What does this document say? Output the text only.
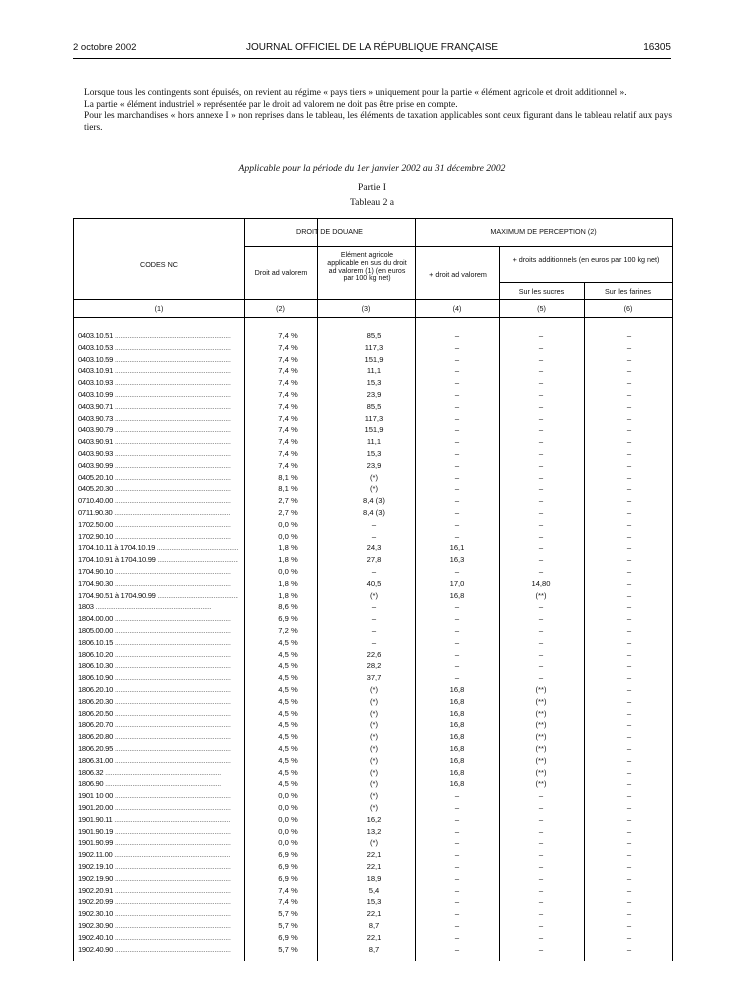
2 octobre 2002	JOURNAL OFFICIEL DE LA RÉPUBLIQUE FRANÇAISE	16305

Lorsque tous les contingents sont épuisés, on revient au régime « pays tiers » uniquement pour la partie « élément agricole et droit additionnel ».

La partie « élément industriel » représentée par le droit ad valorem ne doit pas être prise en compte.

Pour les marchandises « hors annexe I » non reprises dans le tableau, les éléments de taxation applicables sont ceux figurant dans le tableau relatif aux pays tiers.

Applicable pour la période du 1er janvier 2002 au 31 décembre 2002
Partie I
Tableau 2 a
CODES NC
DROIT DE DOUANE	MAXIMUM DE PERCEPTION (2)
Droit ad valorem
Elément agricole applicable en sus du droit ad valorem (1) (en euros par 100 kg net)	+ droit ad valorem
+ droits additionnels (en euros par 100 kg net)
Sur les sucres	Sur les farines
(1)	(2)	(3)	(4)	(5)	(6)
0403.10.51 .....	7,4 %	85,5	–	–	–
0403.10.53 .....	7,4 %	117,3	–	–	–
0403.10.59 .....	7,4 %	151,9	–	–	–
0403.10.91 .....	7,4 %	11,1	–	–	–
0403.10.93 .....	7,4 %	15,3	–	–	–
0403.10.99 .....	7,4 %	23,9	–	–	–
0403.90.71 .....	7,4 %	85,5	–	–	–
0403.90.73 .....	7,4 %	117,3	–	–	–
0403.90.79 .....	7,4 %	151,9	–	–	–
0403.90.91 .....	7,4 %	11,1	–	–	–
0403.90.93 .....	7,4 %	15,3	–	–	–
0403.90.99 .....	7,4 %	23,9	–	–	–
0405.20.10 .....	8,1 %	(*)	–	–	–
0405.20.30 .....	8,1 %	(*)	–	–	–
0710.40.00 .....	2,7 %	8,4 (3)	–	–	–
0711.90.30 .....	2,7 %	8,4 (3)	–	–	–
1702.50.00 .....	0,0 %	–	–	–	–
1702.90.10 .....	0,0 %	–	–	–	–
1704.10.11 à 1704.10.19 .....	1,8 %	24,3	16,1	–	–
1704.10.91 à 1704.10.99 .....	1,8 %	27,8	16,3	–	–
1704.90.10 .....	0,0 %	–	–	–	–
1704.90.30 .....	1,8 %	40,5	17,0	14,80	–
1704.90.51 à 1704.90.99 .....	1,8 %	(*)	16,8	(**)	–
1803 .....	8,6 %	–	–	–	–
1804.00.00 .....	6,9 %	–	–	–	–
1805.00.00 .....	7,2 %	–	–	–	–
1806.10.15 .....	4,5 %	–	–	–	–
1806.10.20 .....	4,5 %	22,6	–	–	–
1806.10.30 .....	4,5 %	28,2	–	–	–
1806.10.90 .....	4,5 %	37,7	–	–	–
1806.20.10 .....	4,5 %	(*)	16,8	(**)	–
1806.20.30 .....	4,5 %	(*)	16,8	(**)	–
1806.20.50 .....	4,5 %	(*)	16,8	(**)	–
1806.20.70 .....	4,5 %	(*)	16,8	(**)	–
1806.20.80 .....	4,5 %	(*)	16,8	(**)	–
1806.20.95 .....	4,5 %	(*)	16,8	(**)	–
1806.31.00 .....	4,5 %	(*)	16,8	(**)	–
1806.32 .....	4,5 %	(*)	16,8	(**)	–
1806.90 .....	4,5 %	(*)	16,8	(**)	–
1901 10 00 .....	0,0 %	(*)	–	–	–
1901.20.00 .....	0,0 %	(*)	–	–	–
1901.90.11 .....	0,0 %	16,2	–	–	–
1901.90.19 .....	0,0 %	13,2	–	–	–
1901.90.99 .....	0,0 %	(*)	–	–	–
1902.11.00 .....	6,9 %	22,1	–	–	–
1902.19.10 .....	6,9 %	22,1	–	–	–
1902.19.90 .....	6,9 %	18,9	–	–	–
1902.20.91 .....	7,4 %	5,4	–	–	–
1902.20.99 .....	7,4 %	15,3	–	–	–
1902.30.10 .....	5,7 %	22,1	–	–	–
1902.30.90 .....	5,7 %	8,7	–	–	–
1902.40.10 .....	6,9 %	22,1	–	–	–
1902.40.90 .....	5,7 %	8,7	–	–	–
